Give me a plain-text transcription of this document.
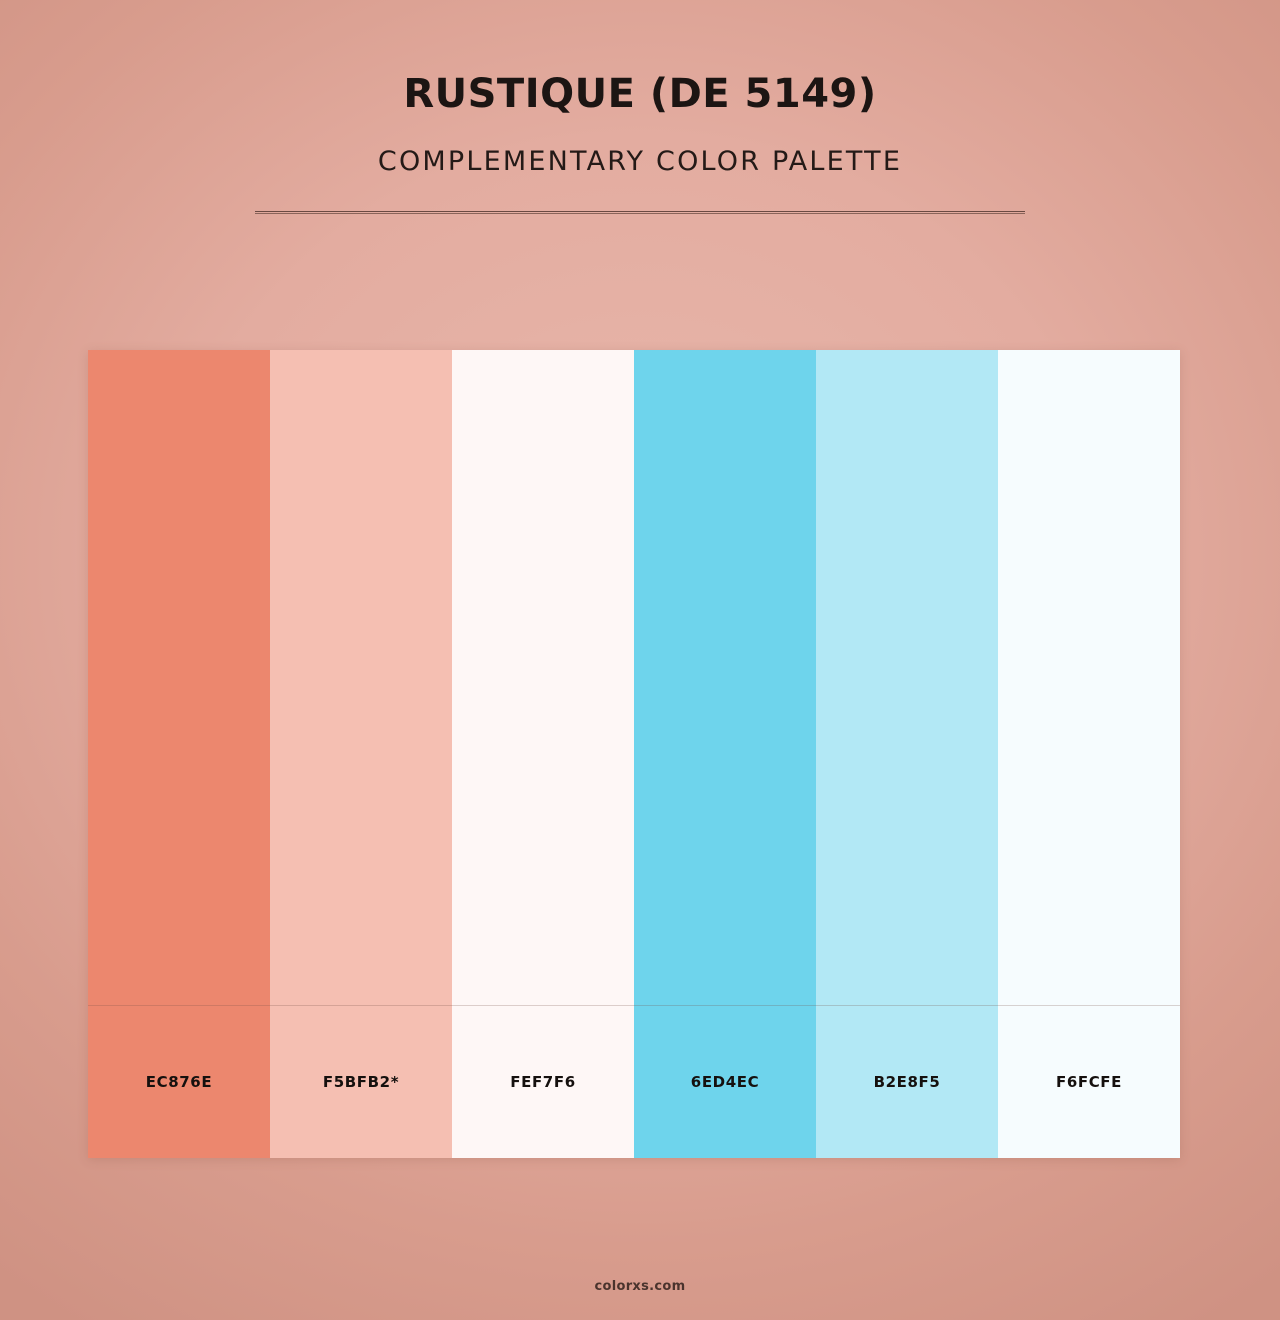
RUSTIQUE (DE 5149)
COMPLEMENTARY COLOR PALETTE
EC876E	F5BFB2*	FEF7F6	6ED4EC	B2E8F5	F6FCFE
colorxs.com
